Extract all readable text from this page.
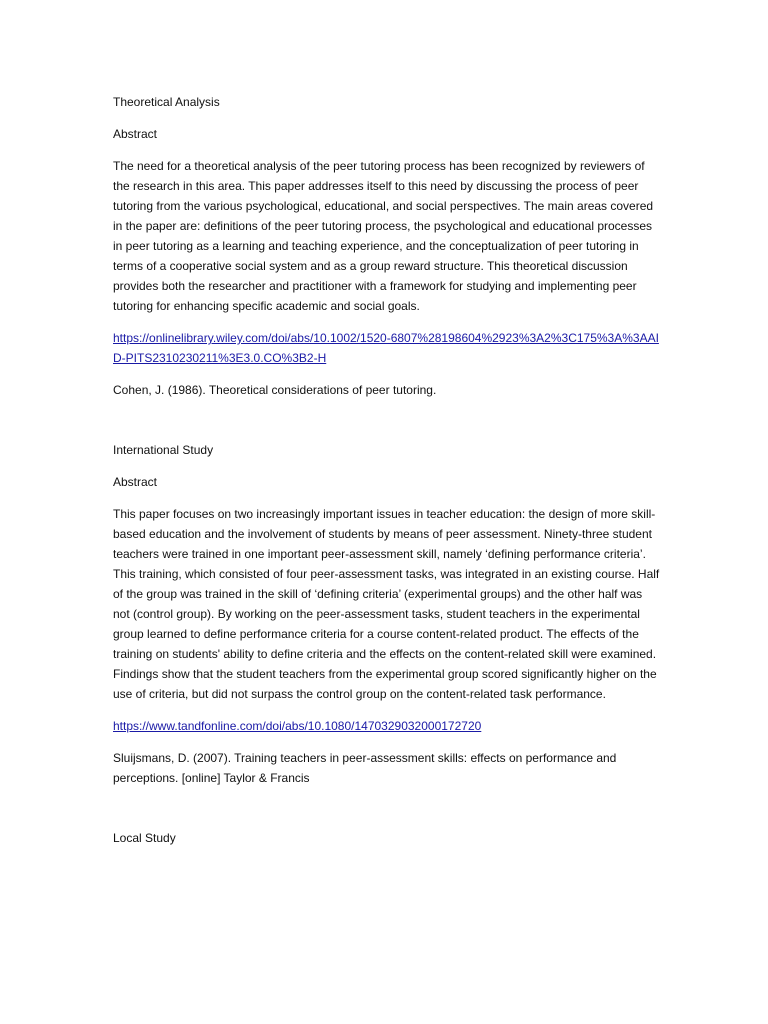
Theoretical Analysis

Abstract

The need for a theoretical analysis of the peer tutoring process has been recognized by reviewers of the research in this area. This paper addresses itself to this need by discussing the process of peer tutoring from the various psychological, educational, and social perspectives. The main areas covered in the paper are: definitions of the peer tutoring process, the psychological and educational processes in peer tutoring as a learning and teaching experience, and the conceptualization of peer tutoring in terms of a cooperative social system and as a group reward structure. This theoretical discussion provides both the researcher and practitioner with a framework for studying and implementing peer tutoring for enhancing specific academic and social goals.

https://onlinelibrary.wiley.com/doi/abs/10.1002/1520-6807%28198604%2923%3A2%3C175%3A%3AAID-PITS2310230211%3E3.0.CO%3B2-H

Cohen, J. (1986). Theoretical considerations of peer tutoring.

International Study

Abstract

This paper focuses on two increasingly important issues in teacher education: the design of more skill-based education and the involvement of students by means of peer assessment. Ninety-three student teachers were trained in one important peer-assessment skill, namely ‘defining performance criteria’. This training, which consisted of four peer-assessment tasks, was integrated in an existing course. Half of the group was trained in the skill of ‘defining criteria’ (experimental groups) and the other half was not (control group). By working on the peer-assessment tasks, student teachers in the experimental group learned to define performance criteria for a course content-related product. The effects of the training on students' ability to define criteria and the effects on the content-related skill were examined. Findings show that the student teachers from the experimental group scored significantly higher on the use of criteria, but did not surpass the control group on the content-related task performance.

https://www.tandfonline.com/doi/abs/10.1080/1470329032000172720

Sluijsmans, D. (2007). Training teachers in peer-assessment skills: effects on performance and perceptions. [online] Taylor & Francis

Local Study
